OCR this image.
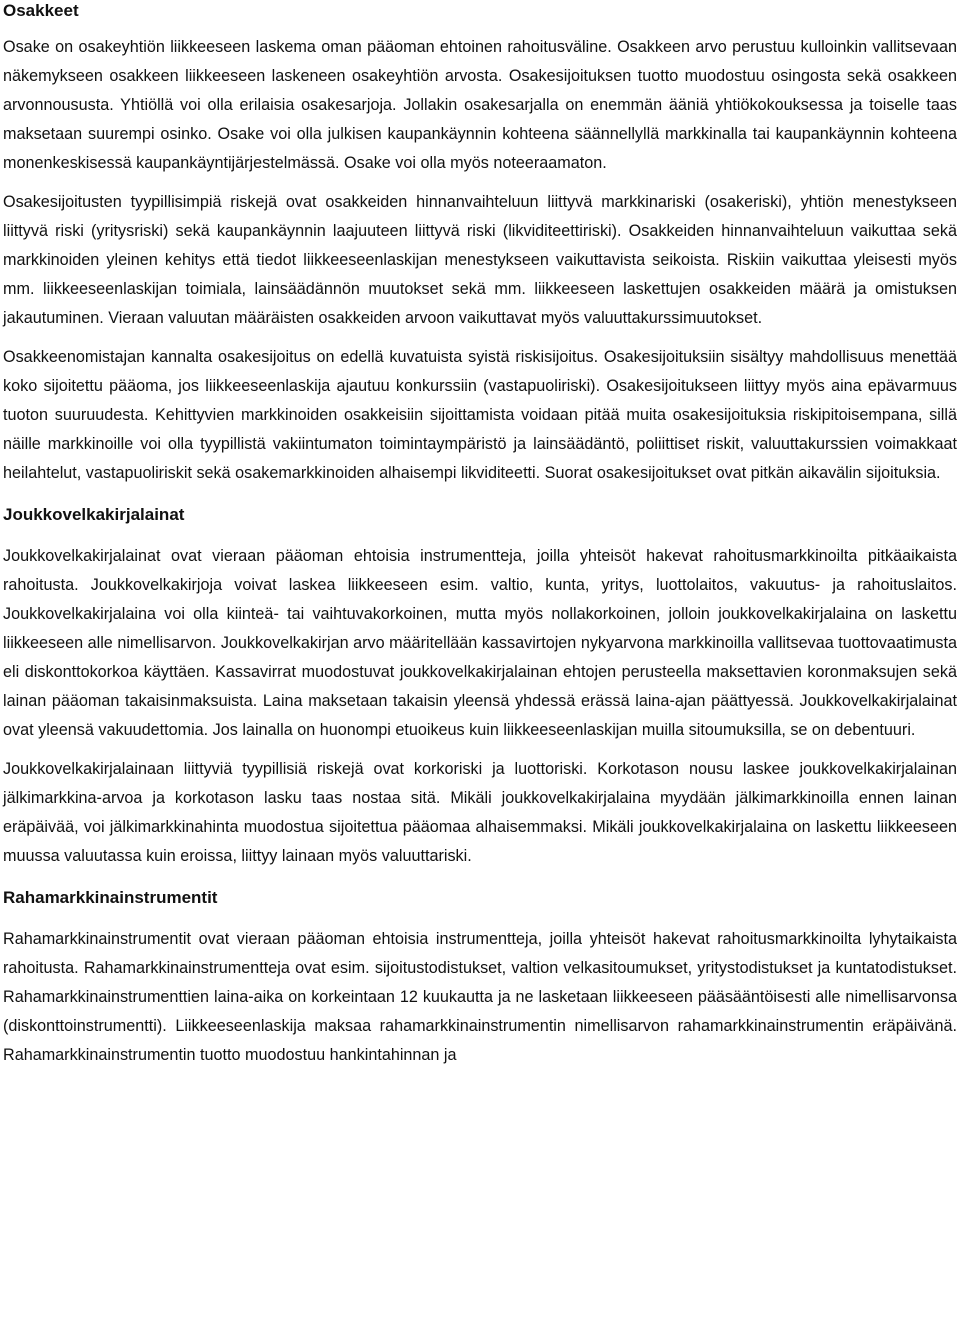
Osakkeet

Osake on osakeyhtiön liikkeeseen laskema oman pääoman ehtoinen rahoitusväline. Osakkeen arvo perustuu kulloinkin vallitsevaan näkemykseen osakkeen liikkeeseen laskeneen osakeyhtiön arvosta. Osakesijoituksen tuotto muodostuu osingosta sekä osakkeen arvonnoususta. Yhtiöllä voi olla erilaisia osakesarjoja. Jollakin osakesarjalla on enemmän ääniä yhtiökokouksessa ja toiselle taas maksetaan suurempi osinko. Osake voi olla julkisen kaupankäynnin kohteena säännellyllä markkinalla tai kaupankäynnin kohteena monenkeskisessä kaupankäyntijärjestelmässä. Osake voi olla myös noteeraamaton.

Osakesijoitusten tyypillisimpiä riskejä ovat osakkeiden hinnanvaihteluun liittyvä markkinariski (osakeriski), yhtiön menestykseen liittyvä riski (yritysriski) sekä kaupankäynnin laajuuteen liittyvä riski (likviditeettiriski). Osakkeiden hinnanvaihteluun vaikuttaa sekä markkinoiden yleinen kehitys että tiedot liikkeeseenlaskijan menestykseen vaikuttavista seikoista. Riskiin vaikuttaa yleisesti myös mm. liikkeeseenlaskijan toimiala, lainsäädännön muutokset sekä mm. liikkeeseen laskettujen osakkeiden määrä ja omistuksen jakautuminen. Vieraan valuutan määräisten osakkeiden arvoon vaikuttavat myös valuuttakurssimuutokset.

Osakkeenomistajan kannalta osakesijoitus on edellä kuvatuista syistä riskisijoitus. Osakesijoituksiin sisältyy mahdollisuus menettää koko sijoitettu pääoma, jos liikkeeseenlaskija ajautuu konkurssiin (vastapuoliriski). Osakesijoitukseen liittyy myös aina epävarmuus tuoton suuruudesta. Kehittyvien markkinoiden osakkeisiin sijoittamista voidaan pitää muita osakesijoituksia riskipitoisempana, sillä näille markkinoille voi olla tyypillistä vakiintumaton toimintaympäristö ja lainsäädäntö, poliittiset riskit, valuuttakurssien voimakkaat heilahtelut, vastapuoliriskit sekä osakemarkkinoiden alhaisempi likviditeetti. Suorat osakesijoitukset ovat pitkän aikavälin sijoituksia.

Joukkovelkakirjalainat

Joukkovelkakirjalainat ovat vieraan pääoman ehtoisia instrumentteja, joilla yhteisöt hakevat rahoitusmarkkinoilta pitkäaikaista rahoitusta. Joukkovelkakirjoja voivat laskea liikkeeseen esim. valtio, kunta, yritys, luottolaitos, vakuutus- ja rahoituslaitos. Joukkovelkakirjalaina voi olla kiinteä- tai vaihtuvakorkoinen, mutta myös nollakorkoinen, jolloin joukkovelkakirjalaina on laskettu liikkeeseen alle nimellisarvon. Joukkovelkakirjan arvo määritellään kassavirtojen nykyarvona markkinoilla vallitsevaa tuottovaatimusta eli diskonttokorkoa käyttäen. Kassavirrat muodostuvat joukkovelkakirjalainan ehtojen perusteella maksettavien koronmaksujen sekä lainan pääoman takaisinmaksuista. Laina maksetaan takaisin yleensä yhdessä erässä laina-ajan päättyessä. Joukkovelkakirjalainat ovat yleensä vakuudettomia. Jos lainalla on huonompi etuoikeus kuin liikkeeseenlaskijan muilla sitoumuksilla, se on debentuuri.

Joukkovelkakirjalainaan liittyviä tyypillisiä riskejä ovat korkoriski ja luottoriski. Korkotason nousu laskee joukkovelkakirjalainan jälkimarkkina-arvoa ja korkotason lasku taas nostaa sitä. Mikäli joukkovelkakirjalaina myydään jälkimarkkinoilla ennen lainan eräpäivää, voi jälkimarkkinahinta muodostua sijoitettua pääomaa alhaisemmaksi. Mikäli joukkovelkakirjalaina on laskettu liikkeeseen muussa valuutassa kuin eroissa, liittyy lainaan myös valuuttariski.

Rahamarkkinainstrumentit

Rahamarkkinainstrumentit ovat vieraan pääoman ehtoisia instrumentteja, joilla yhteisöt hakevat rahoitusmarkkinoilta lyhytaikaista rahoitusta. Rahamarkkinainstrumentteja ovat esim. sijoitustodistukset, valtion velkasitoumukset, yritystodistukset ja kuntatodistukset. Rahamarkkinainstrumenttien laina-aika on korkeintaan 12 kuukautta ja ne lasketaan liikkeeseen pääsääntöisesti alle nimellisarvonsa (diskonttoinstrumentti). Liikkeeseenlaskija maksaa rahamarkkinainstrumentin nimellisarvon rahamarkkinainstrumentin eräpäivänä. Rahamarkkinainstrumentin tuotto muodostuu hankintahinnan ja
